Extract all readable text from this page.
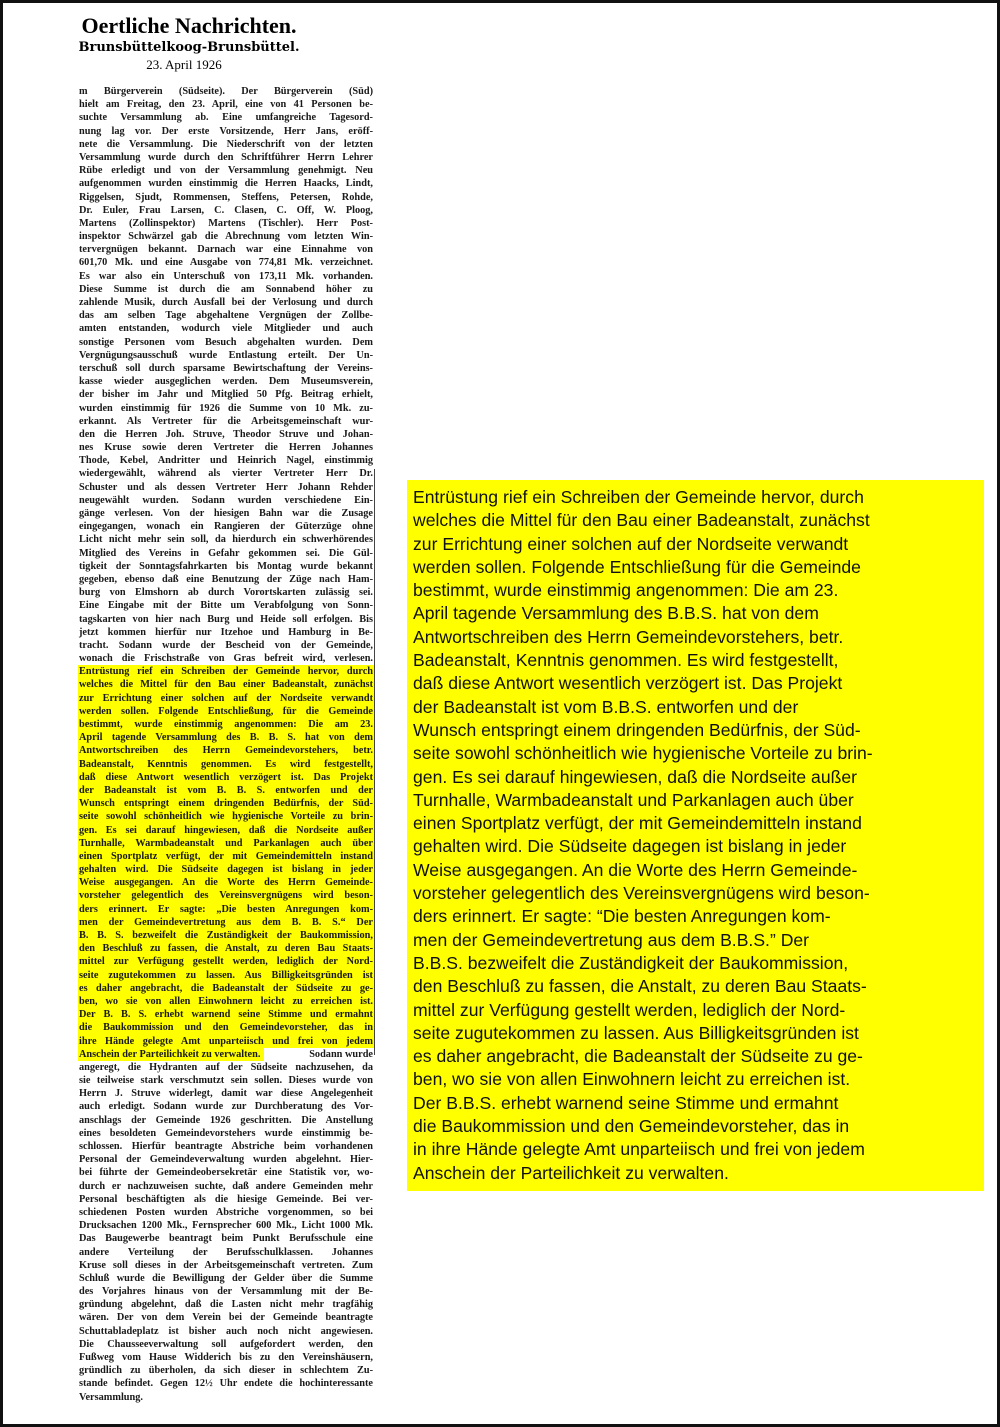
Oertliche Nachrichten.
Brunsbüttelkoog-Brunsbüttel.
23. April 1926
m Bürgerverein (Südseite). Der Bürgerverein (Süd)
hielt am Freitag, den 23. April, eine von 41 Personen be-
suchte Versammlung ab. Eine umfangreiche Tagesord-
nung lag vor. Der erste Vorsitzende, Herr Jans, eröff-
nete die Versammlung. Die Niederschrift von der letzten
Versammlung wurde durch den Schriftführer Herrn Lehrer
Rübe erledigt und von der Versammlung genehmigt. Neu
aufgenommen wurden einstimmig die Herren Haacks, Lindt,
Riggelsen, Sjudt, Rommensen, Steffens, Petersen, Rohde,
Dr. Euler, Frau Larsen, C. Clasen, C. Off, W. Ploog,
Martens (Zollinspektor) Martens (Tischler). Herr Post-
inspektor Schwärzel gab die Abrechnung vom letzten Win-
tervergnügen bekannt. Darnach war eine Einnahme von
601,70 Mk. und eine Ausgabe von 774,81 Mk. verzeichnet.
Es war also ein Unterschuß von 173,11 Mk. vorhanden.
Diese Summe ist durch die am Sonnabend höher zu
zahlende Musik, durch Ausfall bei der Verlosung und durch
das am selben Tage abgehaltene Vergnügen der Zollbe-
amten entstanden, wodurch viele Mitglieder und auch
sonstige Personen vom Besuch abgehalten wurden. Dem
Vergnügungsausschuß wurde Entlastung erteilt. Der Un-
terschuß soll durch sparsame Bewirtschaftung der Vereins-
kasse wieder ausgeglichen werden. Dem Museumsverein,
der bisher im Jahr und Mitglied 50 Pfg. Beitrag erhielt,
wurden einstimmig für 1926 die Summe von 10 Mk. zu-
erkannt. Als Vertreter für die Arbeitsgemeinschaft wur-
den die Herren Joh. Struve, Theodor Struve und Johan-
nes Kruse sowie deren Vertreter die Herren Johannes
Thode, Kebel, Andritter und Heinrich Nagel, einstimmig
wiedergewählt, während als vierter Vertreter Herr Dr.
Schuster und als dessen Vertreter Herr Johann Rehder
neugewählt wurden. Sodann wurden verschiedene Ein-
gänge verlesen. Von der hiesigen Bahn war die Zusage
eingegangen, wonach ein Rangieren der Güterzüge ohne
Licht nicht mehr sein soll, da hierdurch ein schwerhörendes
Mitglied des Vereins in Gefahr gekommen sei. Die Gül-
tigkeit der Sonntagsfahrkarten bis Montag wurde bekannt
gegeben, ebenso daß eine Benutzung der Züge nach Ham-
burg von Elmshorn ab durch Vorortskarten zulässig sei.
Eine Eingabe mit der Bitte um Verabfolgung von Sonn-
tagskarten von hier nach Burg und Heide soll erfolgen. Bis
jetzt kommen hierfür nur Itzehoe und Hamburg in Be-
tracht. Sodann wurde der Bescheid von der Gemeinde,
wonach die Frischstraße von Gras befreit wird, verlesen.
Entrüstung rief ein Schreiben der Gemeinde hervor, durch
welches die Mittel für den Bau einer Badeanstalt, zunächst
zur Errichtung einer solchen auf der Nordseite verwandt
werden sollen. Folgende Entschließung, für die Gemeinde
bestimmt, wurde einstimmig angenommen: Die am 23.
April tagende Versammlung des B. B. S. hat von dem
Antwortschreiben des Herrn Gemeindevorstehers, betr.
Badeanstalt, Kenntnis genommen. Es wird festgestellt,
daß diese Antwort wesentlich verzögert ist. Das Projekt
der Badeanstalt ist vom B. B. S. entworfen und der
Wunsch entspringt einem dringenden Bedürfnis, der Süd-
seite sowohl schönheitlich wie hygienische Vorteile zu brin-
gen. Es sei darauf hingewiesen, daß die Nordseite außer
Turnhalle, Warmbadeanstalt und Parkanlagen auch über
einen Sportplatz verfügt, der mit Gemeindemitteln instand
gehalten wird. Die Südseite dagegen ist bislang in jeder
Weise ausgegangen. An die Worte des Herrn Gemeinde-
vorsteher gelegentlich des Vereinsvergnügens wird beson-
ders erinnert. Er sagte: „Die besten Anregungen kom-
men der Gemeindevertretung aus dem B. B. S.“ Der
B. B. S. bezweifelt die Zuständigkeit der Baukommission,
den Beschluß zu fassen, die Anstalt, zu deren Bau Staats-
mittel zur Verfügung gestellt werden, lediglich der Nord-
seite zugutekommen zu lassen. Aus Billigkeitsgründen ist
es daher angebracht, die Badeanstalt der Südseite zu ge-
ben, wo sie von allen Einwohnern leicht zu erreichen ist.
Der B. B. S. erhebt warnend seine Stimme und ermahnt
die Baukommission und den Gemeindevorsteher, das in
ihre Hände gelegte Amt unparteiisch und frei von jedem
Anschein der Parteilichkeit zu verwalten.	Sodann wurde
angeregt, die Hydranten auf der Südseite nachzusehen, da
sie teilweise stark verschmutzt sein sollen. Dieses wurde von
Herrn J. Struve widerlegt, damit war diese Angelegenheit
auch erledigt. Sodann wurde zur Durchberatung des Vor-
anschlags der Gemeinde 1926 geschritten. Die Anstellung
eines besoldeten Gemeindevorstehers wurde einstimmig be-
schlossen. Hierfür beantragte Abstriche beim vorhandenen
Personal der Gemeindeverwaltung wurden abgelehnt. Hier-
bei führte der Gemeindeobersekretär eine Statistik vor, wo-
durch er nachzuweisen suchte, daß andere Gemeinden mehr
Personal beschäftigten als die hiesige Gemeinde. Bei ver-
schiedenen Posten wurden Abstriche vorgenommen, so bei
Drucksachen 1200 Mk., Fernsprecher 600 Mk., Licht 1000 Mk.
Das Baugewerbe beantragt beim Punkt Berufsschule eine
andere Verteilung der Berufsschulklassen. Johannes
Kruse soll dieses in der Arbeitsgemeinschaft vertreten. Zum
Schluß wurde die Bewilligung der Gelder über die Summe
des Vorjahres hinaus von der Versammlung mit der Be-
gründung abgelehnt, daß die Lasten nicht mehr tragfähig
wären. Der von dem Verein bei der Gemeinde beantragte
Schuttabladeplatz ist bisher auch noch nicht angewiesen.
Die Chausseeverwaltung soll aufgefordert werden, den
Fußweg vom Hause Widderich bis zu den Vereinshäusern,
gründlich zu überholen, da sich dieser in schlechtem Zu-
stande befindet. Gegen 12½ Uhr endete die hochinteressante
Versammlung.
Entrüstung rief ein Schreiben der Gemeinde hervor, durch
welches die Mittel für den Bau einer Badeanstalt, zunächst
zur Errichtung einer solchen auf der Nordseite verwandt
werden sollen. Folgende Entschließung für die Gemeinde
bestimmt, wurde einstimmig angenommen: Die am 23.
April tagende Versammlung des B.B.S. hat von dem
Antwortschreiben des Herrn Gemeindevorstehers, betr.
Badeanstalt, Kenntnis genommen. Es wird festgestellt,
daß diese Antwort wesentlich verzögert ist. Das Projekt
der Badeanstalt ist vom B.B.S. entworfen und der
Wunsch entspringt einem dringenden Bedürfnis, der Süd-
seite sowohl schönheitlich wie hygienische Vorteile zu brin-
gen. Es sei darauf hingewiesen, daß die Nordseite außer
Turnhalle, Warmbadeanstalt und Parkanlagen auch über
einen Sportplatz verfügt, der mit Gemeindemitteln instand
gehalten wird. Die Südseite dagegen ist bislang in jeder
Weise ausgegangen. An die Worte des Herrn Gemeinde-
vorsteher gelegentlich des Vereinsvergnügens wird beson-
ders erinnert. Er sagte: “Die besten Anregungen kom-
men der Gemeindevertretung aus dem B.B.S.” Der
B.B.S. bezweifelt die Zuständigkeit der Baukommission,
den Beschluß zu fassen, die Anstalt, zu deren Bau Staats-
mittel zur Verfügung gestellt werden, lediglich der Nord-
seite zugutekommen zu lassen. Aus Billigkeitsgründen ist
es daher angebracht, die Badeanstalt der Südseite zu ge-
ben, wo sie von allen Einwohnern leicht zu erreichen ist.
Der B.B.S. erhebt warnend seine Stimme und ermahnt
die Baukommission und den Gemeindevorsteher, das in
in ihre Hände gelegte Amt unparteiisch und frei von jedem
Anschein der Parteilichkeit zu verwalten.
